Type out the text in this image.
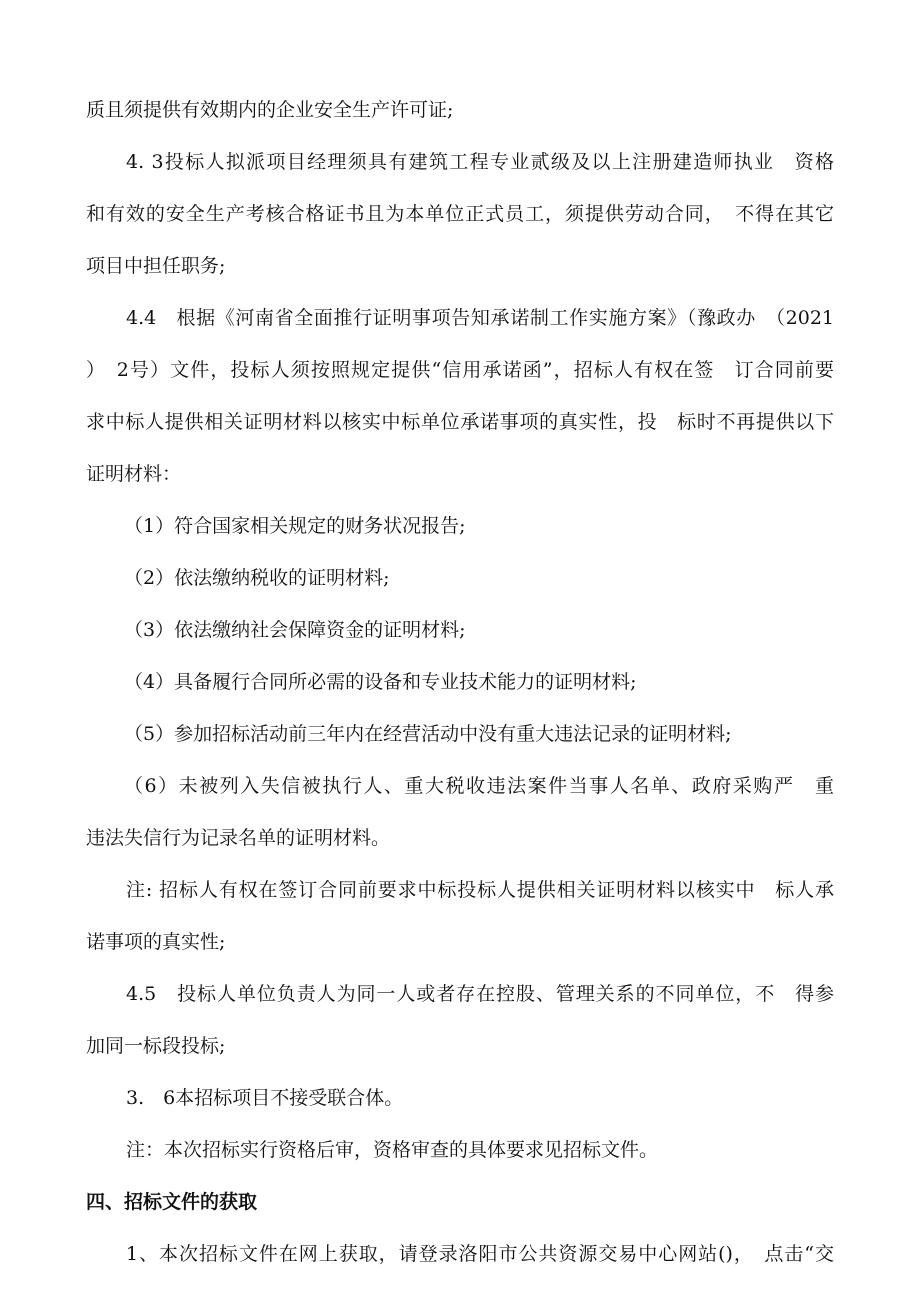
质且须提供有效期内的企业安全生产许可证;
4. 3投标人拟派项目经理须具有建筑工程专业贰级及以上注册建造师执业　资格
和有效的安全生产考核合格证书且为本单位正式员工，须提供劳动合同，　不得在其它
项目中担任职务;
4.4　根据《河南省全面推行证明事项告知承诺制工作实施方案》（豫政办　（2021
）　2号）文件，投标人须按照规定提供“信用承诺函”，招标人有权在签　订合同前要
求中标人提供相关证明材料以核实中标单位承诺事项的真实性，投　标时不再提供以下
证明材料：
（1）符合国家相关规定的财务状况报告;
（2）依法缴纳税收的证明材料;
（3）依法缴纳社会保障资金的证明材料;
（4）具备履行合同所必需的设备和专业技术能力的证明材料;
（5）参加招标活动前三年内在经营活动中没有重大违法记录的证明材料;
（6）未被列入失信被执行人、重大税收违法案件当事人名单、政府采购严　重
违法失信行为记录名单的证明材料。
注: 招标人有权在签订合同前要求中标投标人提供相关证明材料以核实中　标人承
诺事项的真实性;
4.5　投标人单位负责人为同一人或者存在控股、管理关系的不同单位，不　得参
加同一标段投标;
3.　6本招标项目不接受联合体。
注：本次招标实行资格后审，资格审查的具体要求见招标文件。
四、招标文件的获取
1、本次招标文件在网上获取，请登录洛阳市公共资源交易中心网站()，　点击“交
